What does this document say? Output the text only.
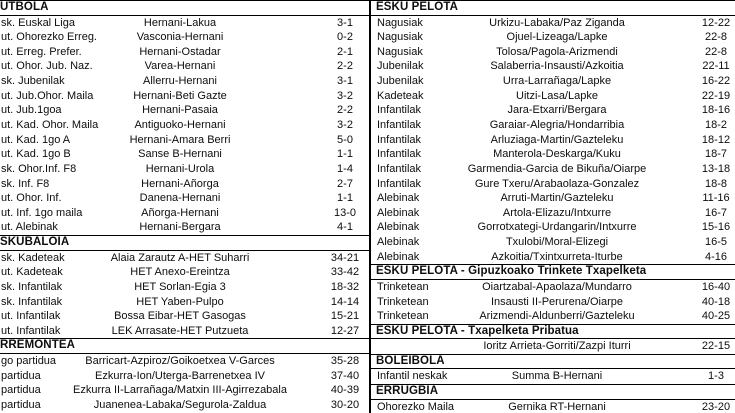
UTBOLA
sk. Euskal Liga	Hernani-Lakua	3-1
ut. Ohorezko Erreg.	Vasconia-Hernani	0-2
ut. Erreg. Prefer.	Hernani-Ostadar	2-1
ut. Ohor. Jub. Naz.	Varea-Hernani	2-2
sk. Jubenilak	Allerru-Hernani	3-1
ut. Jub.Ohor. Maila	Hernani-Beti Gazte	3-2
ut. Jub.1goa	Hernani-Pasaia	2-2
ut. Kad. Ohor. Maila	Antiguoko-Hernani	3-2
ut. Kad. 1go A	Hernani-Amara Berri	5-0
ut. Kad. 1go B	Sanse B-Hernani	1-1
sk. Ohor.Inf. F8	Hernani-Urola	1-4
sk. Inf. F8	Hernani-Añorga	2-7
ut. Ohor. Inf.	Danena-Hernani	1-1
ut. Inf. 1go maila	Añorga-Hernani	13-0
ut. Alebinak	Hernani-Bergara	4-1
SKUBALOIA
sk. Kadeteak	Alaia Zarautz A-HET Suharri	34-21
ut. Kadeteak	HET Anexo-Ereintza	33-42
sk. Infantilak	HET Sorlan-Egia 3	18-32
sk. Infantilak	HET Yaben-Pulpo	14-14
ut. Infantilak	Bossa Eibar-HET Gasogas	15-21
ut. Infantilak	LEK Arrasate-HET Putzueta	12-27
RREMONTEA
go partidua	Barricart-Azpiroz/Goikoetxea V-Garces	35-28
partidua	Ezkurra-Ion/Uterga-Barrenetxea IV	37-40
partidua	Ezkurra II-Larrañaga/Matxin III-Agirrezabala	40-39
partidua	Juanenea-Labaka/Segurola-Zaldua	30-20
ESKU PELOTA
Nagusiak	Urkizu-Labaka/Paz Ziganda	12-22
Nagusiak	Ojuel-Lizeaga/Lapke	22-8
Nagusiak	Tolosa/Pagola-Arizmendi	22-8
Jubenilak	Salaberria-Insausti/Azkoitia	22-11
Jubenilak	Urra-Larrañaga/Lapke	16-22
Kadeteak	Uitzi-Lasa/Lapke	22-19
Infantilak	Jara-Etxarri/Bergara	18-16
Infantilak	Garaiar-Alegria/Hondarribia	18-2
Infantilak	Arluziaga-Martin/Gazteleku	18-12
Infantilak	Manterola-Deskarga/Kuku	18-7
Infantilak	Garmendia-Garcia de Bikuña/Oiarpe	13-18
Infantilak	Gure Txeru/Arabaolaza-Gonzalez	18-8
Alebinak	Arruti-Martin/Gazteleku	11-16
Alebinak	Artola-Elizazu/Intxurre	16-7
Alebinak	Gorrotxategi-Urdangarin/Intxurre	15-16
Alebinak	Txulobi/Moral-Elizegi	16-5
Alebinak	Azkoitia/Txintxurreta-Iturbe	4-16
ESKU PELOTA - Gipuzkoako Trinkete Txapelketa
Trinketean	Oiartzabal-Apaolaza/Mundarro	16-40
Trinketean	Insausti II-Perurena/Oiarpe	40-18
Trinketean	Arizmendi-Aldunberri/Gazteleku	40-25
ESKU PELOTA - Txapelketa Pribatua
Ioritz Arrieta-Gorriti/Zazpi Iturri	22-15
BOLEIBOLA
Infantil neskak	Summa B-Hernani	1-3
ERRUGBIA
Ohorezko Maila	Gernika RT-Hernani	23-20
